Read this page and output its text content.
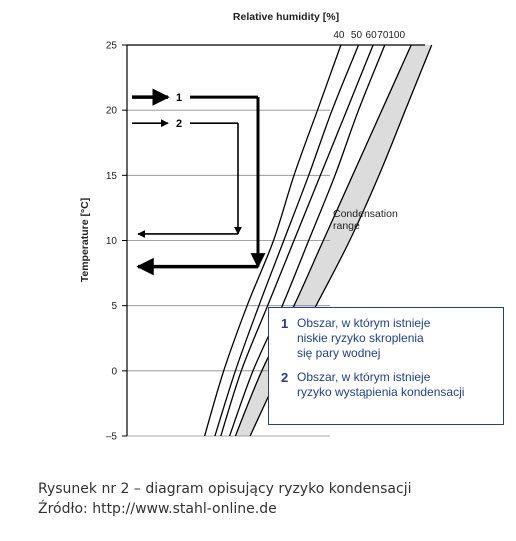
1
2
–5
0
5
10
15
20
25
40 50 60 70 100
Relative humidity [%]
Temperature [°C]	Condensation
range
1 Obszar, w którym istnieje
niskie ryzyko skroplenia
się pary wodnej
2 Obszar, w którym istnieje
ryzyko wystąpienia kondensacji
Rysunek nr 2 – diagram opisujący ryzyko kondensacji
Źródło: http://www.stahl-online.de
